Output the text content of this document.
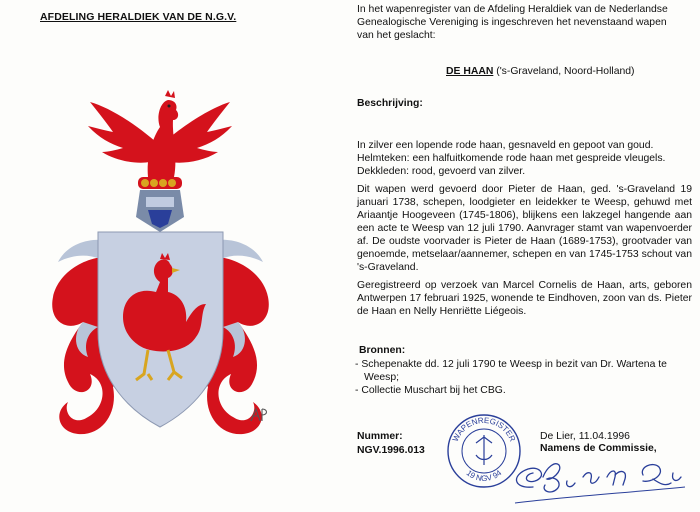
AFDELING HERALDIEK VAN DE N.G.V.
In het wapenregister van de Afdeling Heraldiek van de Nederlandse
Genealogische Vereniging is ingeschreven het nevenstaand wapen
van het geslacht:
DE HAAN ('s-Graveland, Noord-Holland)
Beschrijving:
In zilver een lopende rode haan, gesnaveld en gepoot van goud.
Helmteken: een halfuitkomende rode haan met gespreide vleugels.
Dekkleden: rood, gevoerd van zilver.

Dit wapen werd gevoerd door Pieter de Haan, ged. 's-Graveland 19 januari 1738, schepen, loodgieter en leidekker te Weesp, gehuwd met Ariaantje Hoogeveen (1745-1806), blijkens een lakzegel hangende aan een acte te Weesp van 12 juli 1790. Aanvrager stamt van wapenvoerder af. De oudste voorvader is Pieter de Haan (1689-1753), grootvader van genoemde, metselaar/aannemer, schepen en van 1745-1753 schout van 's-Graveland.

Geregistreerd op verzoek van Marcel Cornelis de Haan, arts, geboren Antwerpen 17 februari 1925, wonende te Eindhoven, zoon van ds. Pieter de Haan en Nelly Henriëtte Liégeois.

Bronnen:
- Schepenakte dd. 12 juli 1790 te Weesp in bezit van Dr. Wartena te
Weesp;
- Collectie Muschart bij het CBG.
Nummer:
NGV.1996.013
WAPENREGISTER
19 NGV 94
De Lier, 11.04.1996
Namens de Commissie,
